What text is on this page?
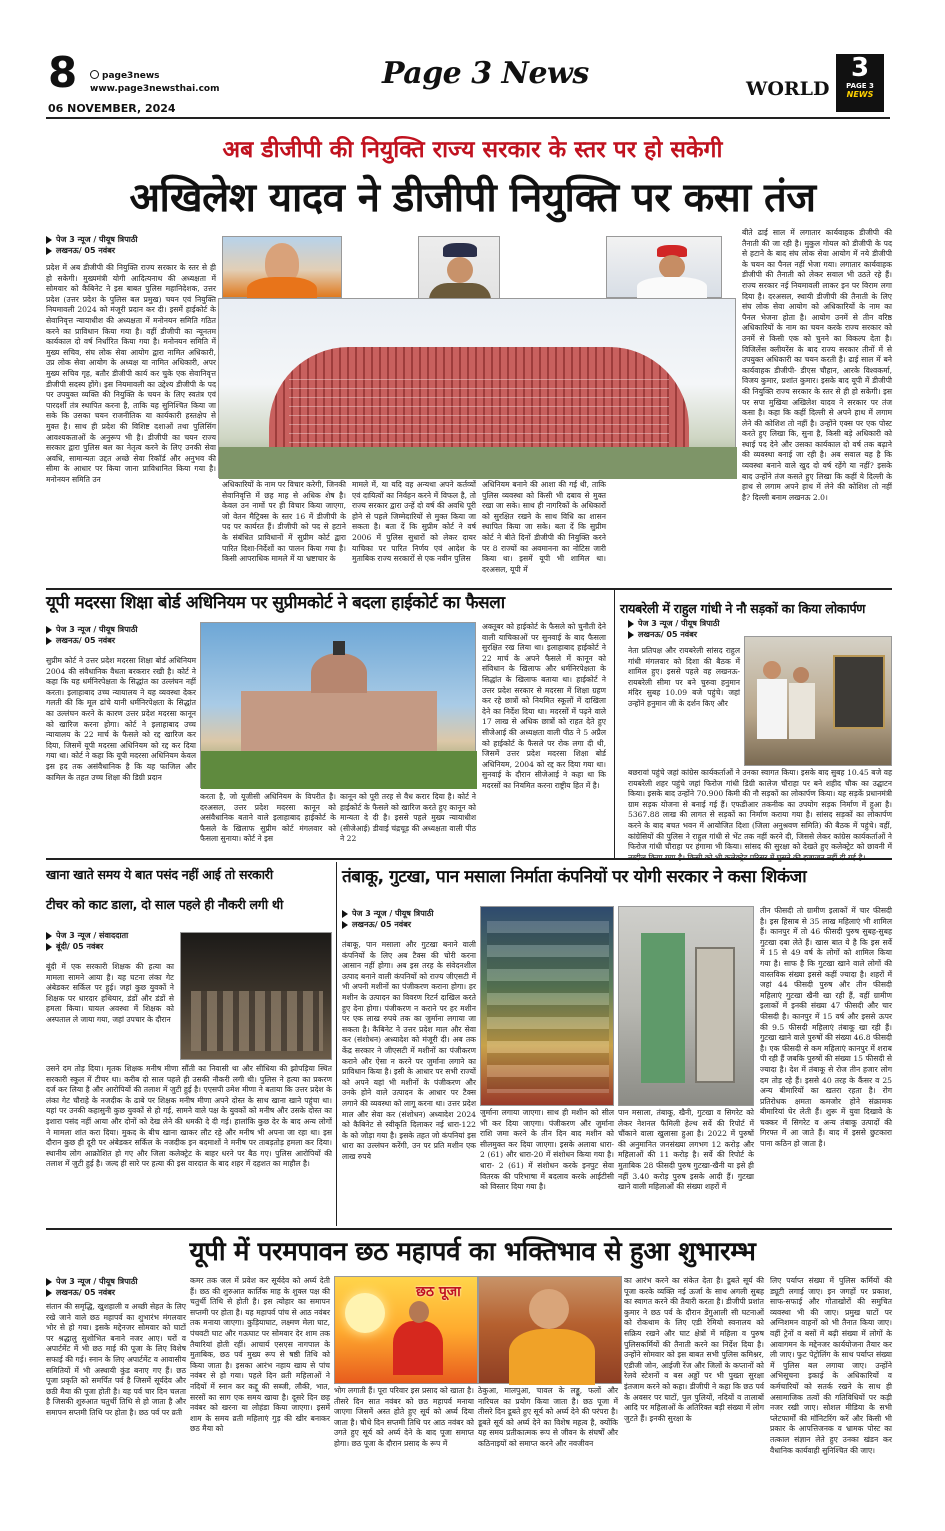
8	page3news
www.page3newsthai.com
06 NOVEMBER, 2024
Page 3 News	WORLD
3
PAGE 3
NEWS
अब डीजीपी की नियुक्ति राज्य सरकार के स्तर पर हो सकेगी
अखिलेश यादव ने डीजीपी नियुक्ति पर कसा तंज
पेज 3 न्यूज / पीयूष त्रिपाठी
लखनऊ/ 05 नवंबर
प्रदेश में अब डीजीपी की नियुक्ति राज्य सरकार के स्तर से ही हो सकेगी। मुख्यमंत्री योगी आदित्यनाथ की अध्यक्षता में सोमवार को कैबिनेट ने इस बाबत पुलिस महानिदेशक, उत्तर प्रदेश (उत्तर प्रदेश के पुलिस बल प्रमुख) चयन एवं नियुक्ति नियमावली 2024 को मंजूरी प्रदान कर दी। इसमें हाईकोर्ट के सेवानिवृत्त न्यायाधीश की अध्यक्षता में मनोनयन समिति गठित करने का प्राविधान किया गया है। वहीं डीजीपी का न्यूनतम कार्यकाल दो वर्ष निर्धारित किया गया है। मनोनयन समिति में मुख्य सचिव, संघ लोक सेवा आयोग द्वारा नामित अधिकारी, उप्र लोक सेवा आयोग के अध्यक्ष या नामित अधिकारी, अपर मुख्य सचिव गृह, बतौर डीजीपी कार्य कर चुके एक सेवानिवृत्त डीजीपी सदस्य होंगे। इस नियमावली का उद्देश्य डीजीपी के पद पर उपयुक्त व्यक्ति की नियुक्ति के चयन के लिए स्वतंत्र एवं पारदर्शी तंत्र स्थापित करना है, ताकि यह सुनिश्चित किया जा सके कि उसका चयन राजनीतिक या कार्यकारी हस्तक्षेप से मुक्त है। साथ ही प्रदेश की विशिष्ट दशाओं तथा पुलिसिंग आवश्यकताओं के अनुरूप भी है। डीजीपी का चयन राज्य सरकार द्वारा पुलिस बल का नेतृत्व करने के लिए उनकी सेवा अवधि, सामान्यतः उद्दत अच्छे सेवा रिकॉर्ड और अनुभव की सीमा के आधार पर किया जाना प्राविधानित किया गया है। मनोनयन समिति उन
अधिकारियों के नाम पर विचार करेगी, जिनकी सेवानिवृत्ति में छह माह से अधिक शेष है। केवल उन नामों पर ही विचार किया जाएगा, जो वेतन मैट्रिक्स के स्तर 16 में डीजीपी के पद पर कार्यरत हैं। डीजीपी को पद से हटाने के संबंधित प्राविधानों में सुप्रीम कोर्ट द्वारा पारित दिशा-निर्देशों का पालन किया गया है। किसी आपराधिक मामले में या भ्रष्टाचार के
मामले में, या यदि वह अन्यथा अपने कर्तव्यों एवं दायित्वों का निर्वहन करने में विफल है, तो राज्य सरकार द्वारा उन्हें दो वर्ष की अवधि पूरी होने से पहले जिम्मेदारियों से मुक्त किया जा सकता है। बता दें कि सुप्रीम कोर्ट ने वर्ष 2006 में पुलिस सुधारों को लेकर दायर याचिका पर पारित निर्णय एवं आदेश के मुताबिक राज्य सरकारों से एक नवीन पुलिस
अधिनियम बनाने की आशा की गई थी, ताकि पुलिस व्यवस्था को किसी भी दबाव से मुक्त रखा जा सके। साथ ही नागरिकों के अधिकारों को सुरक्षित रखने के साथ विधि का शासन स्थापित किया जा सके। बता दें कि सुप्रीम कोर्ट ने बीते दिनों डीजीपी की नियुक्ति करने पर 8 राज्यों का अवमानना का नोटिस जारी किया था। इसमें यूपी भी शामिल था। दरअसल, यूपी में
बीते ढाई साल में लगातार कार्यवाहक डीजीपी की तैनाती की जा रही है। मुकुल गोयल को डीजीपी के पद से हटाने के बाद संघ लोक सेवा आयोग में नये डीजीपी के चयन का पैनल नहीं भेजा गया। लगातार कार्यवाहक डीजीपी की तैनाती को लेकर सवाल भी उठते रहे हैं। राज्य सरकार नई नियमावली लाकर इन पर विराम लगा दिया है। दरअसल, स्थायी डीजीपी की तैनाती के लिए संघ लोक सेवा आयोग को अधिकारियों के नाम का पैनल भेजना होता है। आयोग उनमें से तीन वरिष्ठ अधिकारियों के नाम का चयन करके राज्य सरकार को उनमें से किसी एक को चुनने का विकल्प देता है। विजिलेंस क्लीयरेंस के बाद राज्य सरकार तीनों में से उपयुक्त अधिकारी का चयन करती है। ढाई साल में बने कार्यवाहक डीजीपी- डीएस चौहान, आरके विश्वकर्मा, विजय कुमार, प्रशांत कुमार। इसके बाद यूपी में डीजीपी की नियुक्ति राज्य सरकार के स्तर से ही हो सकेगी। इस पर सपा मुखिया अखिलेश यादव ने सरकार पर तंज कसा है। कहा कि कहीं दिल्ली से अपने हाथ में लगाम लेने की कोशिश तो नहीं है। उन्होंने एक्स पर एक पोस्ट करते हुए लिखा कि, सुना है, किसी बड़े अधिकारी को स्थाई पद देने और उसका कार्यकाल दो वर्ष तक बढ़ाने की व्यवस्था बनाई जा रही है। अब सवाल यह है कि व्यवस्था बनाने वाले खुद दो वर्ष रहेंगे या नहीं? इसके बाद उन्होंने तंज कसते हुए लिखा कि कहीं ये दिल्ली के हाथ से लगाम अपने हाथ में लेने की कोशिश तो नहीं है? दिल्ली बनाम लखनऊ 2.0।
यूपी मदरसा शिक्षा बोर्ड अधिनियम पर सुप्रीमकोर्ट ने बदला हाईकोर्ट का फैसला
पेज 3 न्यूज / पीयूष त्रिपाठी
लखनऊ/ 05 नवंबर
सुप्रीम कोर्ट ने उत्तर प्रदेश मदरसा शिक्षा बोर्ड अधिनियम 2004 की संवैधानिक वैधता बरकरार रखी है। कोर्ट ने कहा कि यह धर्मनिरपेक्षता के सिद्धांत का उल्लंघन नहीं करता। इलाहाबाद उच्च न्यायालय ने यह व्यवस्था देकर गलती की कि मूल ढांचे यानी धर्मनिरपेक्षता के सिद्धांत का उल्लंघन करने के कारण उत्तर प्रदेश मदरसा कानून को खारिज करना होगा। कोर्ट ने इलाहाबाद उच्च न्यायालय के 22 मार्च के फैसले को रद्द खारिज कर दिया, जिसमें यूपी मदरसा अधिनियम को रद्द कर दिया गया था। कोर्ट ने कहा कि यूपी मदरसा अधिनियम केवल इस हद तक असंवैधानिक है कि यह फाजिल और कामिल के तहत उच्च शिक्षा की डिग्री प्रदान
करता है, जो यूजीसी अधिनियम के विपरीत है। दरअसल, उत्तर प्रदेश मदरसा कानून को असंवैधानिक बताने वाले इलाहाबाद हाईकोर्ट के फैसले के खिलाफ सुप्रीम कोर्ट मंगलवार को फैसला सुनाया। कोर्ट ने इस
कानून को पूरी तरह से वैध करार दिया है। कोर्ट ने हाईकोर्ट के फैसले को खारिज करते हुए कानून को मान्यता दे दी है। इससे पहले मुख्य न्यायाधीश (सीजेआई) डीवाई चंद्रचूड़ की अध्यक्षता वाली पीठ ने 22
अक्तूबर को हाईकोर्ट के फैसले को चुनौती देने वाली याचिकाओं पर सुनवाई के बाद फैसला सुरक्षित रख लिया था। इलाहाबाद हाईकोर्ट ने 22 मार्च के अपने फैसले में कानून को संविधान के खिलाफ और धर्मनिरपेक्षता के सिद्धांत के खिलाफ बताया था। हाईकोर्ट ने उत्तर प्रदेश सरकार से मदरसा में शिक्षा ग्रहण कर रहे छात्रों को नियमित स्कूलों में दाखिला देने का निर्देश दिया था। मदरसों में पढ़ने वाले 17 लाख से अधिक छात्रों को राहत देते हुए सीजेआई की अध्यक्षता वाली पीठ ने 5 अप्रैल को हाईकोर्ट के फैसले पर रोक लगा दी थी, जिसमें उत्तर प्रदेश मदरसा शिक्षा बोर्ड अधिनियम, 2004 को रद्द कर दिया गया था। सुनवाई के दौरान सीजेआई ने कहा था कि मदरसों का नियमित करना राष्ट्रीय हित में है।
रायबरेली में राहुल गांधी ने नौ सड़कों का किया लोकार्पण
पेज 3 न्यूज / पीयूष त्रिपाठी
लखनऊ/ 05 नवंबर
नेता प्रतिपक्ष और रायबरेली सांसद राहुल गांधी मंगलवार को दिशा की बैठक में शामिल हुए। इससे पहले वह लखनऊ-रायबरेली सीमा पर बने चुरुवा हनुमान मंदिर सुबह 10.09 बजे पहुंचे। जहां उन्होंने हनुमान जी के दर्शन किए और
बछरावां पहुंचे जहां कांग्रेस कार्यकर्ताओं ने उनका स्वागत किया। इसके बाद सुबह 10.45 बजे वह रायबरेली शहर पहुंचे जहां फिरोज गांधी डिग्री कालेज चौराहा पर बने शहीद चौक का उद्घाटन किया। इसके बाद उन्होंने 70.900 किमी की नौ सड़कों का लोकार्पण किया। यह सड़कें प्रधानमंत्री ग्राम सड़क योजना से बनाई गई हैं। एफडीआर तकनीक का उपयोग सड़क निर्माण में हुआ है। 5367.88 लाख की लागत से सड़कों का निर्माण कराया गया है। सांसद सड़कों का लोकार्पण करने के बाद बचत भवन में आयोजित दिशा (जिला अनुश्रवण समिति) की बैठक में पहुंचे। वहीं, कांग्रेसियों की पुलिस ने राहुल गांधी से भेंट तक नहीं करने दी, जिससे लेकर कांग्रेस कार्यकर्ताओं ने फिरोज गांधी चौराहा पर हंगामा भी किया। सांसद की सुरक्षा को देखते हुए कलेक्ट्रेट को छावनी में
खाना खाते समय ये बात पसंद नहीं आई तो सरकारी
टीचर को काट डाला, दो साल पहले ही नौकरी लगी थी
पेज 3 न्यूज / संवाददाता
बूंदी/ 05 नवंबर
बूंदी में एक सरकारी शिक्षक की हत्या का मामला सामने आया है। यह घटना लंका गेट अंबेडकर सर्किल पर हुई। जहां कुछ युवकों ने शिक्षक पर धारदार हथियार, डंडों और डंडों से हमला किया। घायल अवस्था में शिक्षक को अस्पताल ले जाया गया, जहां उपचार के दौरान
उसने दम तोड़ दिया। मृतक शिक्षक मनीष मीणा सौंती का निवासी था और सीधिया की झोपड़िया स्थित सरकारी स्कूल में टीचर था। करीब दो साल पहले ही उसकी नौकरी लगी थी। पुलिस ने हत्या का प्रकरण दर्ज कर लिया है और आरोपियों की तलाश में जुटी हुई है। एएसपी उमेश मीणा ने बताया कि उत्तर प्रदेश के लंका गेट चौराहे के नजदीक के ढाबे पर शिक्षक मनीष मीणा अपने दोस्त के साथ खाना खाने पहुंचा था। यहां पर उनकी कहासुनी कुछ युवकों से हो गई, सामने वाले पक्ष के युवकों को मनीष और उसके दोस्त का इशारा पसंद नहीं आया और दोनों को देख लेने की धमकी दे दी गई। हालांकि कुछ देर के बाद अन्य लोगों ने मामला शांत करा दिया। मुकद के बीच खाना खाकर लौट रहे और मनीष भी अपना जा रहा था। इस दौरान कुछ ही दूरी पर अंबेडकर सर्किल के नजदीक इन बदमाशों ने मनीष पर ताबड़तोड़ हमला कर दिया। स्थानीय लोग आक्रोशित हो गए और जिला कलेक्ट्रेट के बाहर धरने पर बैठ गए। पुलिस आरोपियों की तलाश में जुटी हुई है। जल्द ही सारे पर हत्या की इस वारदात के बाद शहर में दहशत का माहौल है।
तंबाकू, गुटखा, पान मसाला निर्माता कंपनियों पर योगी सरकार ने कसा शिकंजा
पेज 3 न्यूज / पीयूष त्रिपाठी
लखनऊ/ 05 नवंबर
तंबाकू, पान मसाला और गुटखा बनाने वाली कंपनियों के लिए अब टैक्स की चोरी करना आसान नहीं होगा। अब इस तरह के संवेदनशील उत्पाद बनाने वाली कंपनियों को राज्य जीएसटी में भी अपनी मशीनों का पंजीकरण कराना होगा। हर मशीन के उत्पादन का विवरण रिटर्न दाखिल करते हुए देना होगा। पंजीकरण न कराने पर हर मशीन पर एक लाख रुपये तक का जुर्माना लगाया जा सकता है। कैबिनेट ने उत्तर प्रदेश माल और सेवा कर (संशोधन) अध्यादेश को मंजूरी दी। अब तक केंद्र सरकार ने जीएसटी में मशीनों का पंजीकरण कराने और ऐसा न करने पर जुर्माना लगाने का प्राविधान किया है। इसी के आधार पर सभी राज्यों को अपने यहां भी मशीनों के पंजीकरण और उनके होने वाले उत्पादन के आधार पर टैक्स लगाने की व्यवस्था को लागू करना था। उत्तर प्रदेश माल और सेवा कर (संशोधन) अध्यादेश 2024 को कैबिनेट से स्वीकृति दिलाकर नई धारा-122 के को जोड़ा गया है। इसके तहत जो कंपनियां इस धारा का उल्लंघन करेंगी, उन पर प्रति मशीन एक लाख रुपये
जुर्माना लगाया जाएगा। साथ ही मशीन को सील भी कर दिया जाएगा। पंजीकरण और जुर्माना राशि जमा करने के तीन दिन बाद मशीन को सीलमुक्त कर दिया जाएगा। इसके अलावा धारा- 2 (61) और धारा-20 में संशोधन किया गया है। धारा- 2 (61) में संशोधन करके इनपुट सेवा वितरक की परिभाषा में बदलाव करके आईटीसी को विस्तार दिया गया है।
पान मसाला, तंबाकू, खैनी, गुटखा व सिगरेट को लेकर नेशनल फैमिली हेल्थ सर्वे की रिपोर्ट में चौंकाने वाला खुलासा हुआ है। 2022 में पुरुषों की अनुमानित जनसंख्या लगभग 12 करोड़ और महिलाओं की 11 करोड़ है। सर्वे की रिपोर्ट के मुताबिक 28 फीसदी पुरुष गुटखा-खैनी या इसे ही नहीं 3.40 करोड़ पुरुष इसके आदी हैं। गुटखा खाने वाली महिलाओं की संख्या शहरों में
तीन फीसदी तो ग्रामीण इलाकों में चार फीसदी है। इस हिसाब से 35 लाख महिलाएं भी शामिल हैं। कानपुर में तो 46 फीसदी पुरुष सुबह-सुबह गुटखा दबा लेते हैं। खास बात ये है कि इस सर्वे में 15 से 49 वर्ष के लोगों को शामिल किया गया है। साफ है कि गुटखा खाने वाले लोगों की वास्तविक संख्या इससे कहीं ज्यादा है। शहरों में जहां 44 फीसदी पुरुष और तीन फीसदी महिलाएं गुटखा खैनी खा रही हैं, वहीं ग्रामीण इलाकों में इनकी संख्या 47 फीसदी और चार फीसदी है। कानपुर में 15 वर्ष और इससे ऊपर की 9.5 फीसदी महिलाएं तंबाकू खा रही हैं। गुटखा खाने वाले पुरुषों की संख्या 46.8 फीसदी है। एक फीसदी से कम महिलाएं कानपुर में शराब पी रही हैं जबकि पुरुषों की संख्या 15 फीसदी से ज्यादा है। देश में तंबाकू से रोज तीन हजार लोग दम तोड़ रहे हैं। इससे 40 तरह के कैंसर व 25 अन्य बीमारियों का खतरा रहता है। रोग प्रतिरोधक क्षमता कमजोर होने संक्रामक बीमारियां घेर लेती हैं। शुरू में युवा दिखावे के चक्कर में सिगरेट व अन्य तंबाकू उत्पादों की गिरफ्त में आ जाते हैं। बाद में इससे छुटकारा पाना कठिन हो जाता है।
यूपी में परमपावन छठ महापर्व का भक्तिभाव से हुआ शुभारम्भ
पेज 3 न्यूज / पीयूष त्रिपाठी
लखनऊ/ 05 नवंबर
संतान की समृद्धि, खुशहाली व अच्छी सेहत के लिए रखे जाने वाले छठ महापर्व का शुभारंभ मंगलवार भोर से हो गया। इसके मद्देनजर सोमवार को घाटों पर श्रद्धालु सुशोभित बनाने नजर आए। घरों व अपार्टमेंट में भी छठ माई की पूजा के लिए विशेष सफाई की गई। स्नान के लिए अपार्टमेंट व आवासीय समितियों में भी अस्थायी कुंड बनाए गए हैं। छठ पूजा प्रकृति को समर्पित पर्व है जिसमें सूर्यदेव और छठी मैया की पूजा होती है। यह पर्व चार दिन चलता है जिसकी शुरुआत चतुर्थी तिथि से हो जाता है और समापन सप्तमी तिथि पर होता है। छठ पर्व पर व्रती
कमर तक जल में प्रवेश कर सूर्यदेव को अर्घ्य देती हैं। छठ की शुरुआत कार्तिक माह के शुक्ल पक्ष की चतुर्थी तिथि से होती है। इस त्योहार का समापन सप्तमी पर होता है। यह महापर्व पांच से आठ नवंबर तक मनाया जाएगा। कुड़ियाघाट, लक्ष्मण मेला घाट, पंचवटी घाट और गऊघाट पर सोमवार देर शाम तक तैयारियां होती रहीं। आचार्य एसएस नागपाल के मुताबिक, छठ पर्व मुख्य रूप से षष्ठी तिथि को किया जाता है। इसका आरंभ नहाय खाय से पांच नवंबर से हो गया। पहले दिन व्रती महिलाओं ने नदियों में स्नान कर कद्दू की सब्जी, लौकी, भात, सरसों का साग एक समय खाया है। दूसरे दिन छह नवंबर को खरना या लोहंडा किया जाएगा। इसमें शाम के समय व्रती महिलाएं गुड़ की खीर बनाकर छठ मैया को
छठ पूजा
भोग लगाती हैं। पूरा परिवार इस प्रसाद को खाता है। तीसरे दिन सात नवंबर को छठ महापर्व मनाया जाएगा जिसमें अस्त होते हुए सूर्य को अर्घ्य दिया जाता है। चौथे दिन सप्तमी तिथि पर आठ नवंबर को उगते हुए सूर्य को अर्घ्य देने के बाद पूजा समाप्त होगा। छठ पूजा के दौरान प्रसाद के रूप में
ठेकुआ, मालपुआ, चावल के लड्डू, फलों और नारियल का प्रयोग किया जाता है। छठ पूजा में तीसरे दिन डूबते हुए सूर्य को अर्घ्य देने की परंपरा है। डूबते सूर्य को अर्घ्य देने का विशेष महत्व है, क्योंकि यह समय प्रतीकात्मक रूप से जीवन के संघर्षों और कठिनाइयों को समाप्त करने और नवजीवन
का आरंभ करने का संकेत देता है। डूबते सूर्य की पूजा करके व्यक्ति नई ऊर्जा के साथ अगली सुबह का स्वागत करने की तैयारी करता है। डीजीपी प्रशांत कुमार ने छठ पर्व के दौरान डेंगुआली सी घटनाओं को रोकथाम के लिए एडी रेमियो स्वनालय को सक्रिय रखने और घाट क्षेत्रों में महिला व पुरुष पुलिसकर्मियों की तैनाती करने का निर्देश दिया है। उन्होंने सोमवार को इस बाबत सभी पुलिस कमिश्नर, एडीजी जोन, आईजी रेंज और जिलों के कप्तानों को रेलवे स्टेशनों व बस अड्डों पर भी पुख्ता सुरक्षा इंतजाम करने को कहा। डीजीपी ने कहा कि छठ पर्व के अवसर पर घाटों, पुल पुलियों, नदियों व तालाबों आदि पर महिलाओं के अतिरिक्त बड़ी संख्या में लोग जुटते हैं। इनकी सुरक्षा के
लिए पर्याप्त संख्या में पुलिस कर्मियों की ड्यूटी लगाई जाए। इन जगहों पर प्रकाश, साफ-सफाई और गोताखोरों की समुचित व्यवस्था भी की जाए। प्रमुख घाटों पर अग्निशमन वाहनों को भी तैनात किया जाए। वहीं ट्रेनों व बसों में बढ़ी संख्या में लोगों के आवागमन के मद्देनजर कार्ययोजना तैयार कर ली जाए। फुट पेट्रोलिंग के साथ पर्याप्त संख्या में पुलिस बल लगाया जाए। उन्होंने अभिसूचना इकाई के अधिकारियों व कर्मचारियों को सतर्क रखने के साथ ही असामाजिक तत्वों की गतिविधियों पर कड़ी नजर रखी जाए। सोशल मीडिया के सभी प्लेटफार्मों की मॉनिटरिंग करें और किसी भी प्रकार के आपत्तिजनक व भ्रामक पोस्ट का तत्काल संज्ञान लेते हुए उनका खंडन कर वैधानिक कार्यवाही सुनिश्चित की जाए।
